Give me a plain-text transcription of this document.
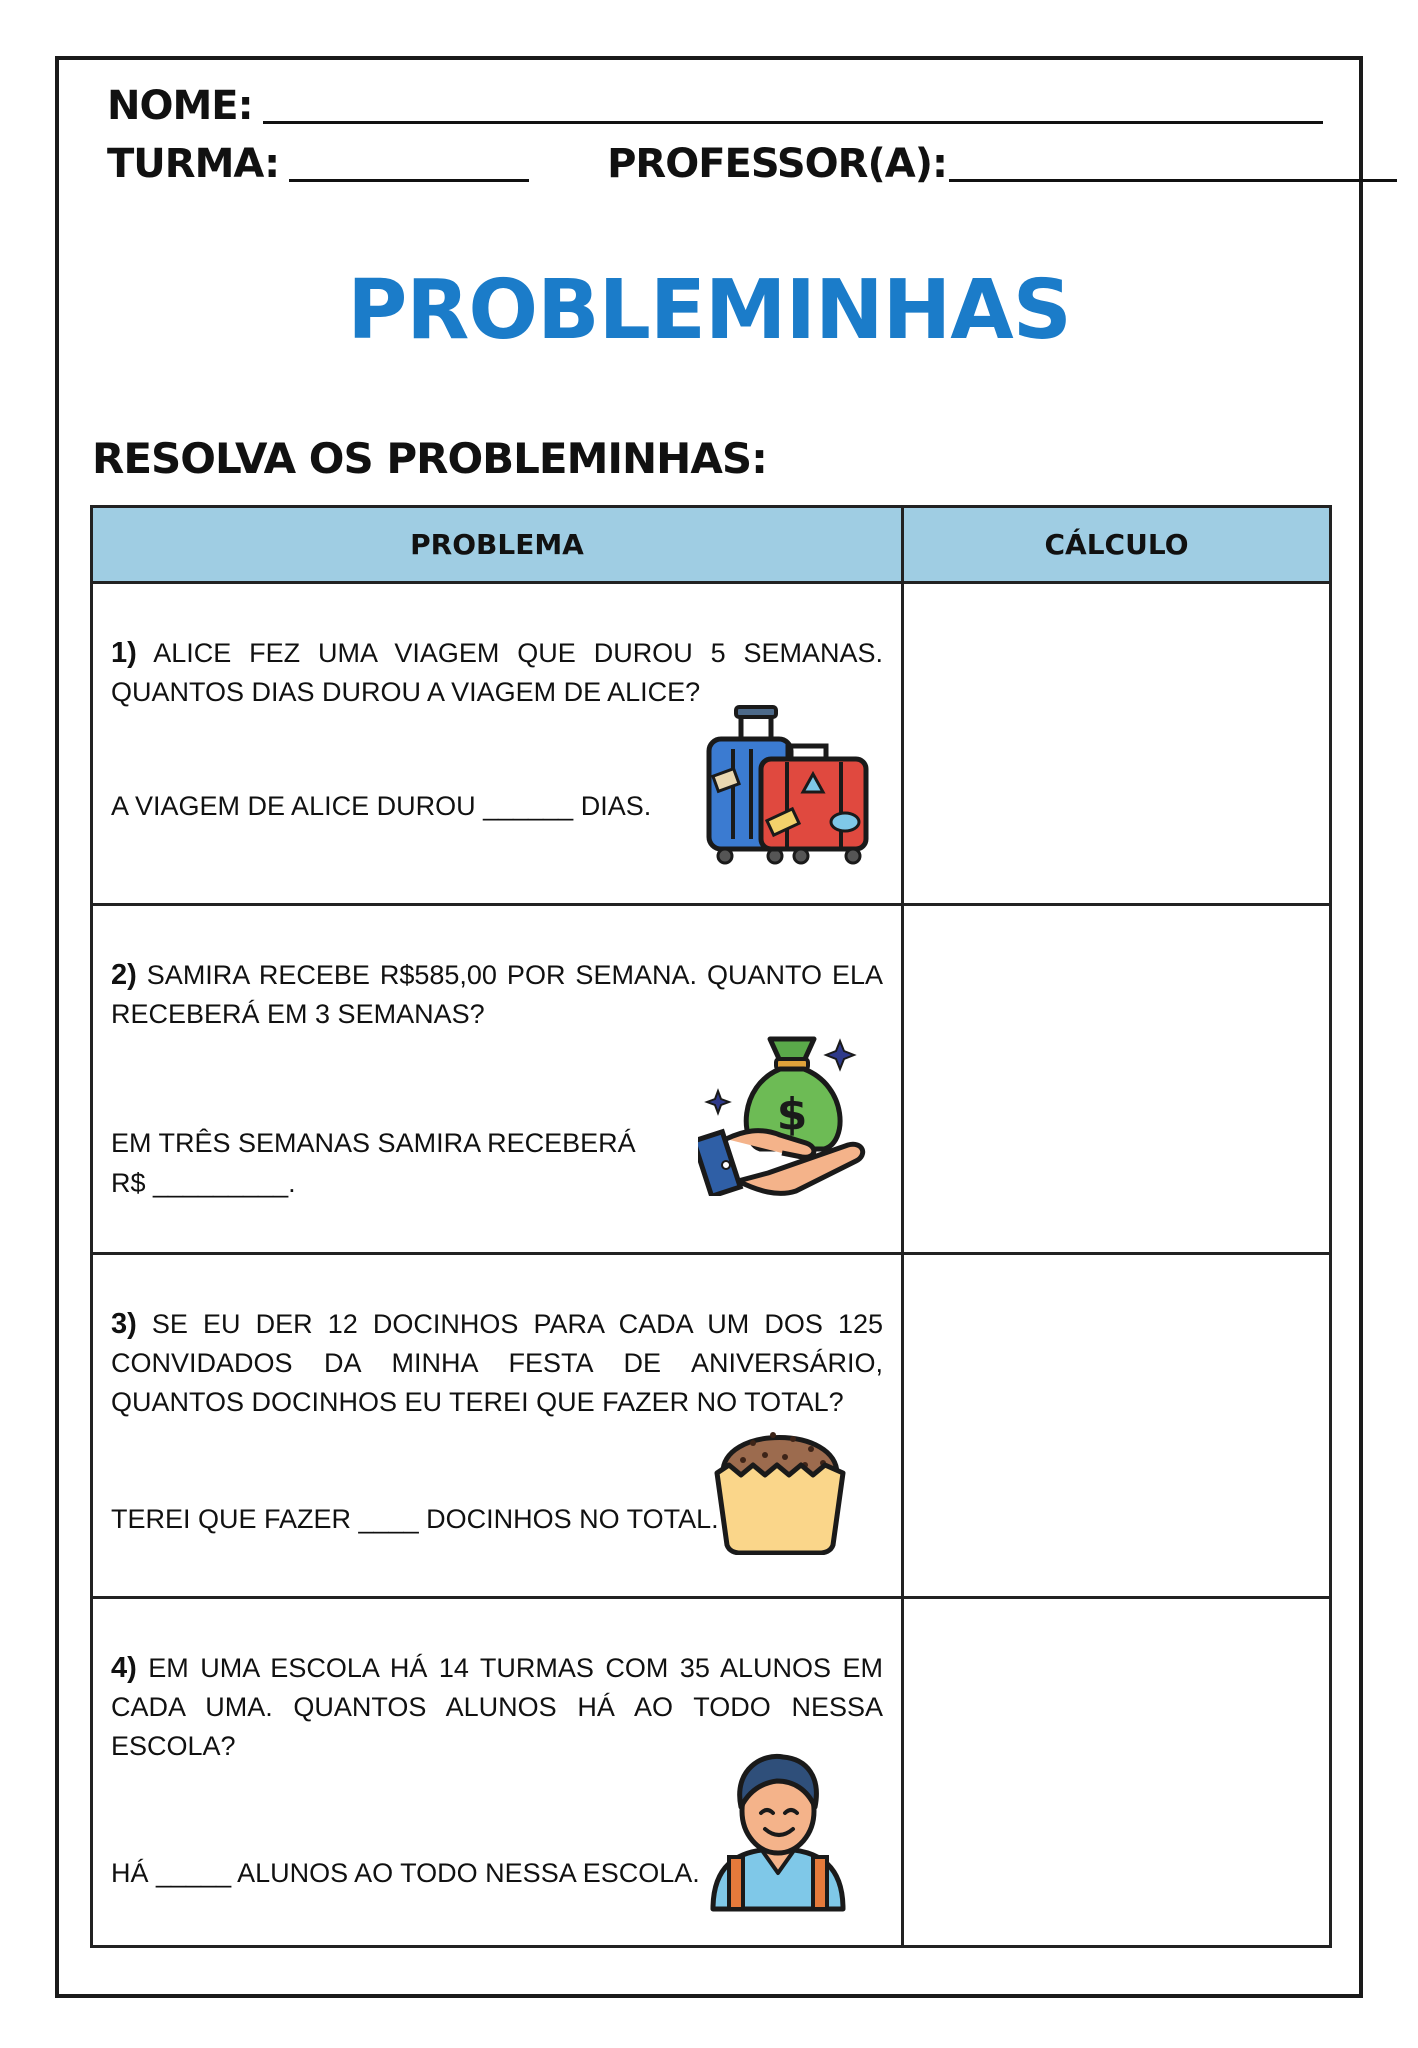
NOME:
TURMA:	PROFESSOR(A):
PROBLEMINHAS
RESOLVA OS PROBLEMINHAS:
PROBLEMA	CÁLCULO

1) ALICE FEZ UMA VIAGEM QUE DUROU 5 SEMANAS. QUANTOS DIAS DUROU A VIAGEM DE ALICE?
A VIAGEM DE ALICE DUROU ______ DIAS.	

2) SAMIRA RECEBE R$585,00 POR SEMANA. QUANTO ELA RECEBERÁ EM 3 SEMANAS?
EM TRÊS SEMANAS SAMIRA RECEBERÁ
R$ _________.
$	

3) SE EU DER 12 DOCINHOS PARA CADA UM DOS 125 CONVIDADOS DA MINHA FESTA DE ANIVERSÁRIO, QUANTOS DOCINHOS EU TEREI QUE FAZER NO TOTAL?
TEREI QUE FAZER ____ DOCINHOS NO TOTAL.	

4) EM UMA ESCOLA HÁ 14 TURMAS COM 35 ALUNOS EM CADA UMA. QUANTOS ALUNOS HÁ AO TODO NESSA ESCOLA?
HÁ _____ ALUNOS AO TODO NESSA ESCOLA.	
